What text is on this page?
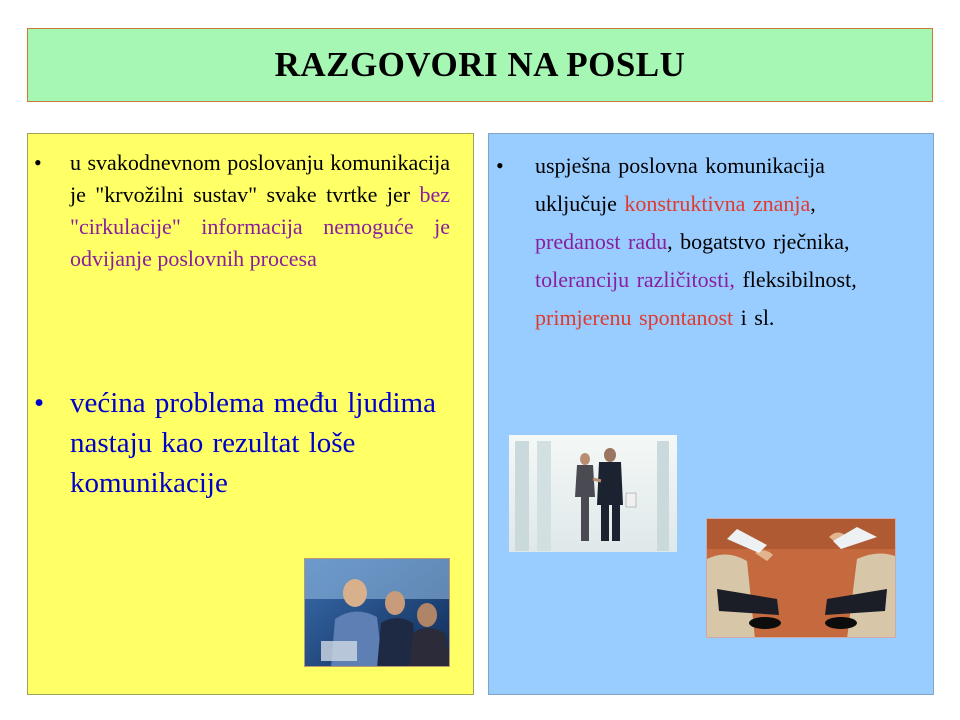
RAZGOVORI NA POSLU
• u svakodnevnom poslovanju komunikacija je "krvožilni sustav" svake tvrtke jer bez "cirkulacije" informacija nemoguće je odvijanje poslovnih procesa
• većina problema među ljudima nastaju kao rezultat loše komunikacije
• uspješna poslovna komunikacija uključuje konstruktivna znanja, predanost radu, bogatstvo rječnika, toleranciju različitosti, fleksibilnost, primjerenu spontanost i sl.
